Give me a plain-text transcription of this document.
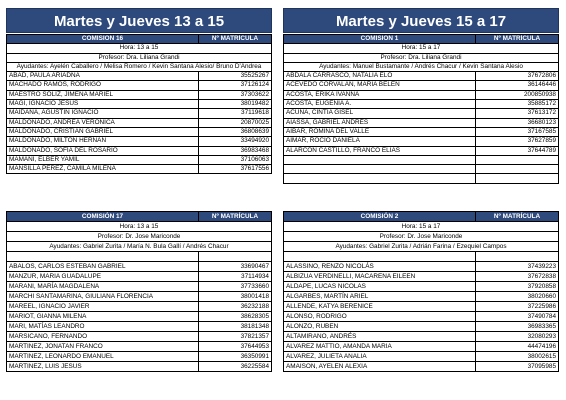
Martes y Jueves 13 a 15	Martes y Jueves 15 a 17
COMISIÓN 16	Nº MATRÍCULA
Hora: 13 a 15	
Profesor: Dra. Liliana Grandi	
Ayudantes: Ayelén Caballero / Melisa Romero / Kevin Santana Alesio/ Bruno D'Andrea	
ABAD, PAULA ARIADNA	35525267
MACHADO RAMOS, RODRIGO	37126124
MAESTRO SOLIZ, JIMENA MARIEL	37303622
MAGI, IGNACIO JESUS	38019482
MAIDANA, AGUSTIN IGNACIO	37119618
MALDONADO, ANDREA VERÓNICA	20870025
MALDONADO, CRISTIAN GABRIEL	36808639
MALDONADO, MILTON HERNAN	33494920
MALDONADO, SOFÍA DEL ROSARIO	36983468
MAMANI, ELBER YAMIL	37106063
MANSILLA PEREZ, CAMILA MILENA	37617556
COMISIÓN 1	Nº MATRÍCULA
Hora: 15 a 17	
Profesor: Dra. Liliana Grandi	
Ayudantes: Manuel Bustamante / Andrés Chacur / Kevin Santana Alesio	
ABDALA CARRASCO, NATALIA ELO	37672806
ACEVEDO CORVALAN, MARIA BELEN	36146446
ACOSTA, ERIKA IVANNA	200850938
ACOSTA, EUGENIA A.	35885172
ACUÑA, CINTIA GISEL	37613172
AIASSA, GABRIEL ANDRÉS	36680123
AIBAR, ROMINA DEL VALLE	37167585
AIMAR, ROCIO DANIELA	37627859
ALARCON CASTILLO, FRANCO ELIAS	37644789

COMISIÓN 17	Nº MATRÍCULA
Hora: 13 a 15	
Profesor: Dr. Jose Mariconde	
Ayudantes: Gabriel Zurita / María N. Bula Gallí / Andrés Chacur	

ABALOS, CARLOS ESTEBAN GABRIEL	33690467
MANZUR, MARIA GUADALUPE	37114934
MARANI, MARÍA MAGDALENA	37733660
MARCHI SANTAMARINA, GIULIANA FLORENCIA	38001418
MAREEL, IGNACIO JAVIER	36232188
MARIOT, GIANNA MILENA	38628305
MARI, MATÍAS LEANDRO	38181348
MARSICANO, FERNANDO	37821357
MARTINEZ, JONATAN FRANCO	37644953
MARTINEZ, LEONARDO EMANUEL	36350991
MARTINEZ, LUIS JESUS	36225584
COMISIÓN 2	Nº MATRÍCULA
Hora: 15 a 17	
Profesor: Dr. Jose Mariconde	
Ayudantes: Gabriel Zurita / Adrián Farina / Ezequiel Campos	

ALASSINO, RENZO NICOLÁS	37439223
ALBIZUA VERDINELLI, MACARENA EILEEN	37672838
ALDAPE, LUCAS NICOLAS	37920858
ALGARBES, MARTÍN ARIEL	38020660
ALLENDE, KATYA BERENICE	37225986
ALONSO, RODRIGO	37490784
ALONZO, RUBEN	36983365
ALTAMIRANO, ANDRÉS	32080293
ALVAREZ MATTIO, AMANDA MARIA	44474196
ALVAREZ, JULIETA ANALIA	38002615
AMAISON, AYELEN ALEXIA	37095985
